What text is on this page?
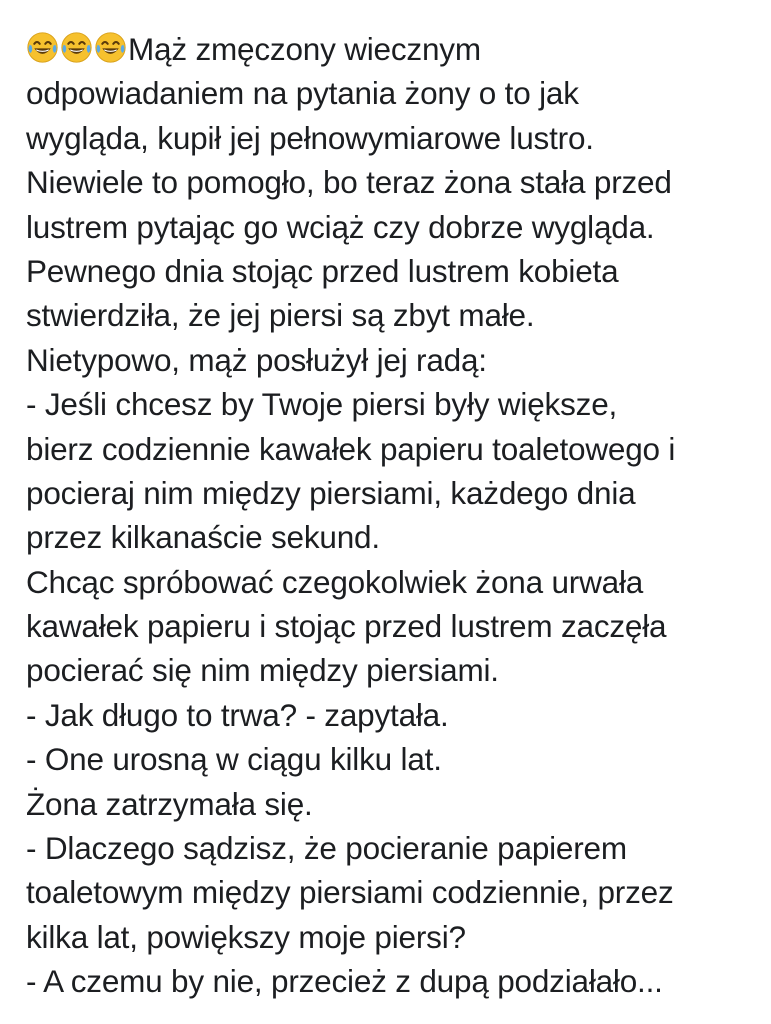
Mąż zmęczony wiecznym
odpowiadaniem na pytania żony o to jak
wygląda, kupił jej pełnowymiarowe lustro.
Niewiele to pomogło, bo teraz żona stała przed
lustrem pytając go wciąż czy dobrze wygląda.
Pewnego dnia stojąc przed lustrem kobieta
stwierdziła, że jej piersi są zbyt małe.
Nietypowo, mąż posłużył jej radą:
- Jeśli chcesz by Twoje piersi były większe,
bierz codziennie kawałek papieru toaletowego i
pocieraj nim między piersiami, każdego dnia
przez kilkanaście sekund.
Chcąc spróbować czegokolwiek żona urwała
kawałek papieru i stojąc przed lustrem zaczęła
pocierać się nim między piersiami.
- Jak długo to trwa? - zapytała.
- One urosną w ciągu kilku lat.
Żona zatrzymała się.
- Dlaczego sądzisz, że pocieranie papierem
toaletowym między piersiami codziennie, przez
kilka lat, powiększy moje piersi?
- A czemu by nie, przecież z dupą podziałało...
